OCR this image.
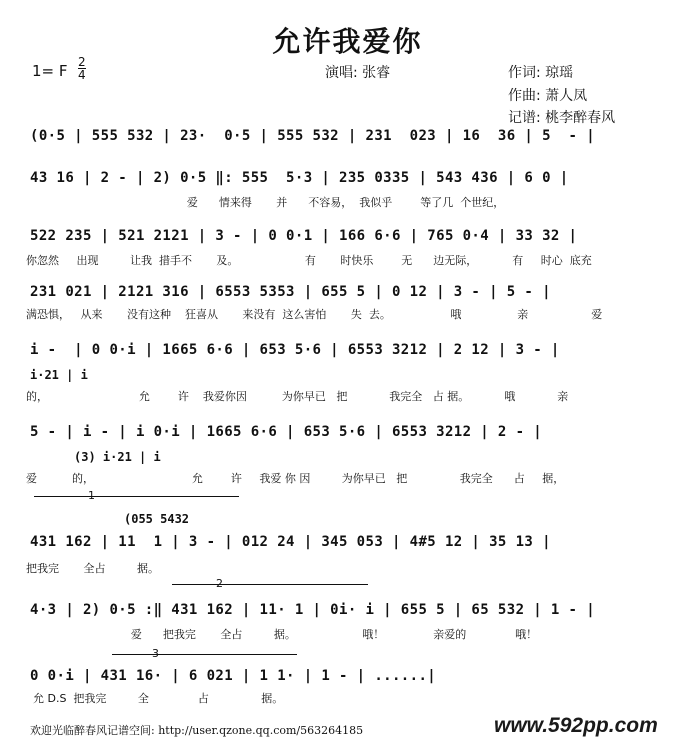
允许我爱你
1= F 2
4	演唱: 张睿	作词: 琼瑶
作曲: 萧人凤
记谱: 桃李醉春风
(0·5 | 555 532 | 23·  0·5 | 555 532 | 231  023 | 16  36 | 5  - |
43 16 | 2 - | 2) 0·5 ‖: 555  5·3 | 235 0335 | 543 436 | 6 0 |
爱      情来得       并      不容易，  我似乎        等了几  个世纪，
522 235 | 521 2121 | 3 - | 0 0·1 | 166 6·6 | 765 0·4 | 33 32 |
你忽然     出现         让我  措手不       及。                   有       时快乐        无      边无际，          有     时心  底充
231 021 | 2121 316 | 6553 5353 | 655 5 | 0 12 | 3 - | 5 - |
满恐惧，   从来       没有这种    狂喜从       来没有  这么害怕       失  去。                 哦                亲                  爱
i -  | 0 0·i | 1665 6·6 | 653 5·6 | 6553 3212 | 2 12 | 3 - |
i·21 | i
的，                          允        许    我爱你因          为你早已   把            我完全   占 据。          哦            亲
5 - | i - | i 0·i | 1665 6·6 | 653 5·6 | 6553 3212 | 2 - |
(3) i·21 | i
爱          的，                            允        许     我爱 你 因         为你早已   把               我完全      占     据，
1
(055 5432
431 162 | 11  1 | 3 - | 012 24 | 345 053 | 4#5 12 | 35 13 |
把我完       全占         据。
2
4·3 | 2) 0·5 :‖ 431 162 | 11· 1 | 0i· i | 655 5 | 65 532 | 1 - |
爱      把我完       全占         据。                   哦！              亲爱的              哦！
3
0 0·i | 431 16· | 6 021 | 1 1· | 1 - | ......|
允 D.S  把我完         全              占               据。
欢迎光临醉春风记谱空间: http://user.qzone.qq.com/563264185	www.592pp.com
